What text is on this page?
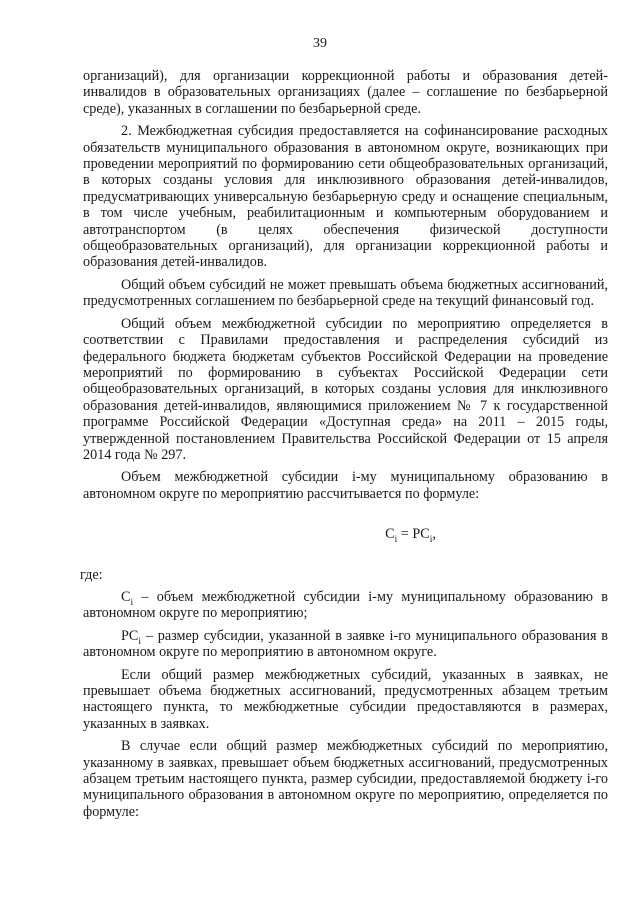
39

организаций), для организации коррекционной работы и образования детей-инвалидов в образовательных организациях (далее – соглашение по безбарьерной среде), указанных в соглашении по безбарьерной среде.

2. Межбюджетная субсидия предоставляется на софинансирование расходных обязательств муниципального образования в автономном округе, возникающих при проведении мероприятий по формированию сети общеобразовательных организаций, в которых созданы условия для инклюзивного образования детей-инвалидов, предусматривающих универсальную безбарьерную среду и оснащение специальным, в том числе учебным, реабилитационным и компьютерным оборудованием и автотранспортом (в целях обеспечения физической доступности общеобразовательных организаций), для организации коррекционной работы и образования детей-инвалидов.

Общий объем субсидий не может превышать объема бюджетных ассигнований, предусмотренных соглашением по безбарьерной среде на текущий финансовый год.

Общий объем межбюджетной субсидии по мероприятию определяется в соответствии с Правилами предоставления и распределения субсидий из федерального бюджета бюджетам субъектов Российской Федерации на проведение мероприятий по формированию в субъектах Российской Федерации сети общеобразовательных организаций, в которых созданы условия для инклюзивного образования детей-инвалидов, являющимися приложением № 7 к государственной программе Российской Федерации «Доступная среда» на 2011 – 2015 годы, утвержденной постановлением Правительства Российской Федерации от 15 апреля 2014 года № 297.

Объем межбюджетной субсидии i-му муниципальному образованию в автономном округе по мероприятию рассчитывается по формуле:

$C_i = PC_i$,

где:

$C_i$ – объем межбюджетной субсидии i-му муниципальному образованию в автономном округе по мероприятию;

$PC_i$ – размер субсидии, указанной в заявке i-го муниципального образования в автономном округе по мероприятию в автономном округе.

Если общий размер межбюджетных субсидий, указанных в заявках, не превышает объема бюджетных ассигнований, предусмотренных абзацем третьим настоящего пункта, то межбюджетные субсидии предоставляются в размерах, указанных в заявках.

В случае если общий размер межбюджетных субсидий по мероприятию, указанному в заявках, превышает объем бюджетных ассигнований, предусмотренных абзацем третьим настоящего пункта, размер субсидии, предоставляемой бюджету i-го муниципального образования в автономном округе по мероприятию, определяется по формуле:
